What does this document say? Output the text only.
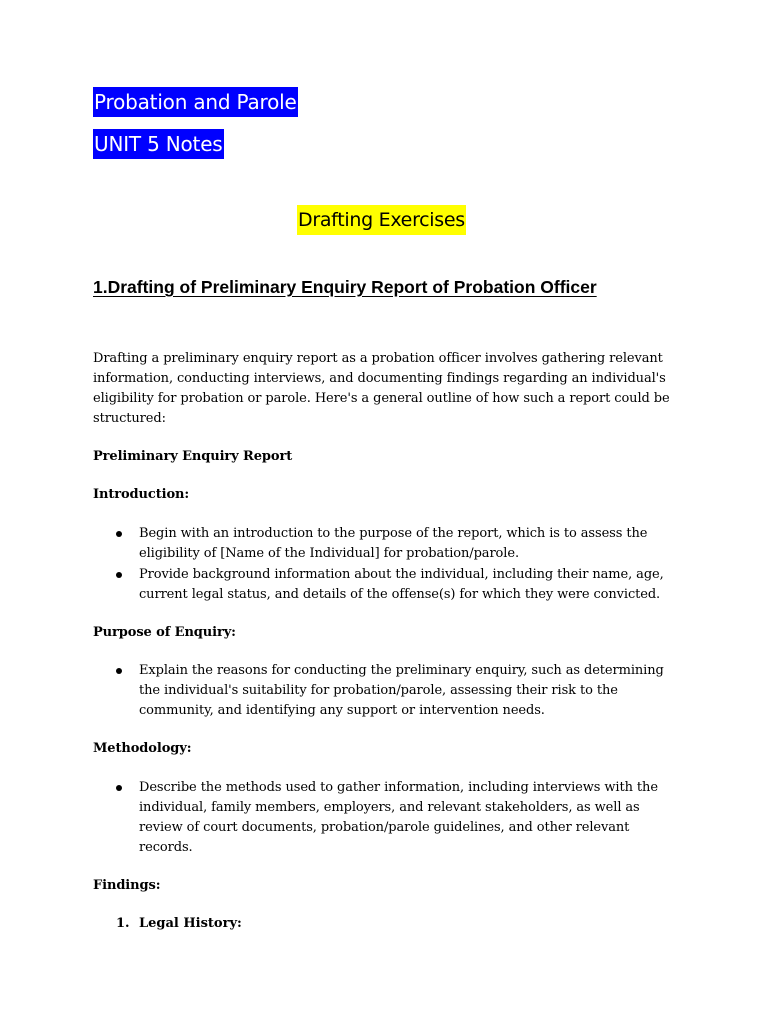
Probation and Parole
UNIT 5 Notes
Drafting Exercises
1.Drafting of Preliminary Enquiry Report of Probation Officer
Drafting a preliminary enquiry report as a probation officer involves gathering relevant information, conducting interviews, and documenting findings regarding an individual's eligibility for probation or parole. Here's a general outline of how such a report could be structured:
Preliminary Enquiry Report
Introduction:
Begin with an introduction to the purpose of the report, which is to assess the eligibility of [Name of the Individual] for probation/parole.
Provide background information about the individual, including their name, age, current legal status, and details of the offense(s) for which they were convicted.
Purpose of Enquiry:
Explain the reasons for conducting the preliminary enquiry, such as determining the individual's suitability for probation/parole, assessing their risk to the community, and identifying any support or intervention needs.
Methodology:
Describe the methods used to gather information, including interviews with the individual, family members, employers, and relevant stakeholders, as well as review of court documents, probation/parole guidelines, and other relevant records.
Findings:
1. Legal History:
